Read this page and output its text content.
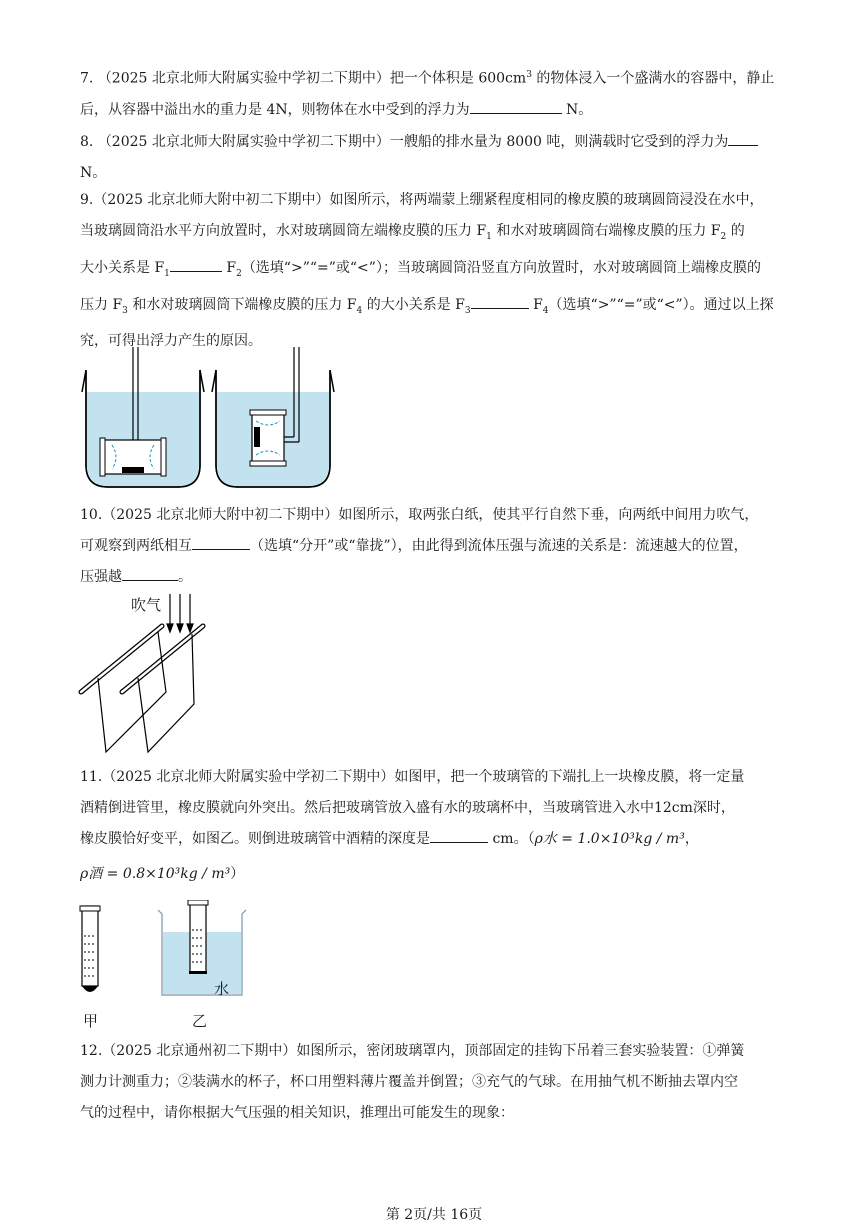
7. （2025 北京北师大附属实验中学初二下期中）把一个体积是 $600cm^3$ 的物体浸入一个盛满水的容器中，静止后，从容器中溢出水的重力是 4N，则物体在水中受到的浮力为	N。
8. （2025 北京北师大附属实验中学初二下期中）一艘船的排水量为 8000 吨，则满载时它受到的浮力为
N。
9.（2025 北京北师大附中初二下期中）如图所示，将两端蒙上绷紧程度相同的橡皮膜的玻璃圆筒浸没在水中，
当玻璃圆筒沿水平方向放置时，水对玻璃圆筒左端橡皮膜的压力 $F_1$ 和水对玻璃圆筒右端橡皮膜的压力 $F_2$ 的
大小关系是 $F_1$	$F_2$（选填“>”“=”或“<”）；当玻璃圆筒沿竖直方向放置时，水对玻璃圆筒上端橡皮膜的
压力 $F_3$ 和水对玻璃圆筒下端橡皮膜的压力 $F_4$ 的大小关系是 $F_3$	$F_4$（选填“>”“=”或“<”）。通过以上探
究，可得出浮力产生的原因。
10.（2025 北京北师大附中初二下期中）如图所示，取两张白纸，使其平行自然下垂，向两纸中间用力吹气，
可观察到两纸相互	（选填“分开”或“靠拢”），由此得到流体压强与流速的关系是：流速越大的位置，
压强越	。
吹气
11.（2025 北京北师大附属实验中学初二下期中）如图甲，把一个玻璃管的下端扎上一块橡皮膜，将一定量
酒精倒进管里，橡皮膜就向外突出。然后把玻璃管放入盛有水的玻璃杯中，当玻璃管进入水中12cm深时，
橡皮膜恰好变平，如图乙。则倒进玻璃管中酒精的深度是	cm。（ρ水 = 1.0×10³kg / m³，
ρ酒 = 0.8×10³kg / m³）
水
甲	乙
12.（2025 北京通州初二下期中）如图所示，密闭玻璃罩内，顶部固定的挂钩下吊着三套实验装置：①弹簧
测力计测重力；②装满水的杯子，杯口用塑料薄片覆盖并倒置；③充气的气球。在用抽气机不断抽去罩内空
气的过程中，请你根据大气压强的相关知识，推理出可能发生的现象：
第 2页/共 16页
